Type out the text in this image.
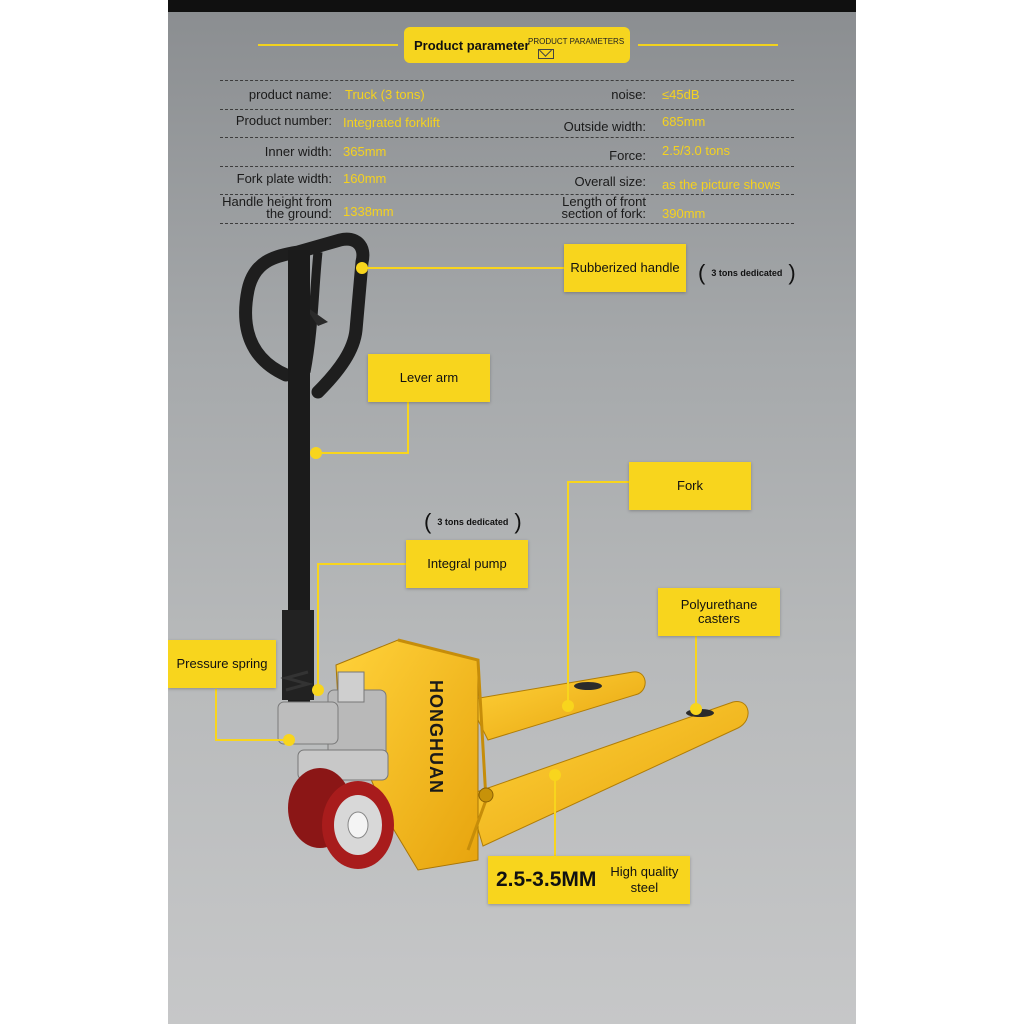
Product parameter
PRODUCT PARAMETERS
product name: Truck (3 tons)
Product number: Integrated forklift
Inner width: 365mm
Fork plate width: 160mm
Handle height from the ground: 1338mm
noise: ≤45dB
Outside width: 685mm
Force: 2.5/3.0 tons
Overall size: as the picture shows
Length of front section of fork: 390mm
HONGHUAN
Rubberized handle
(	3 tons dedicated )
Lever arm
Fork
( 3 tons dedicated )
Integral pump
Polyurethane casters
Pressure spring
2.5-3.5MM	High quality steel
